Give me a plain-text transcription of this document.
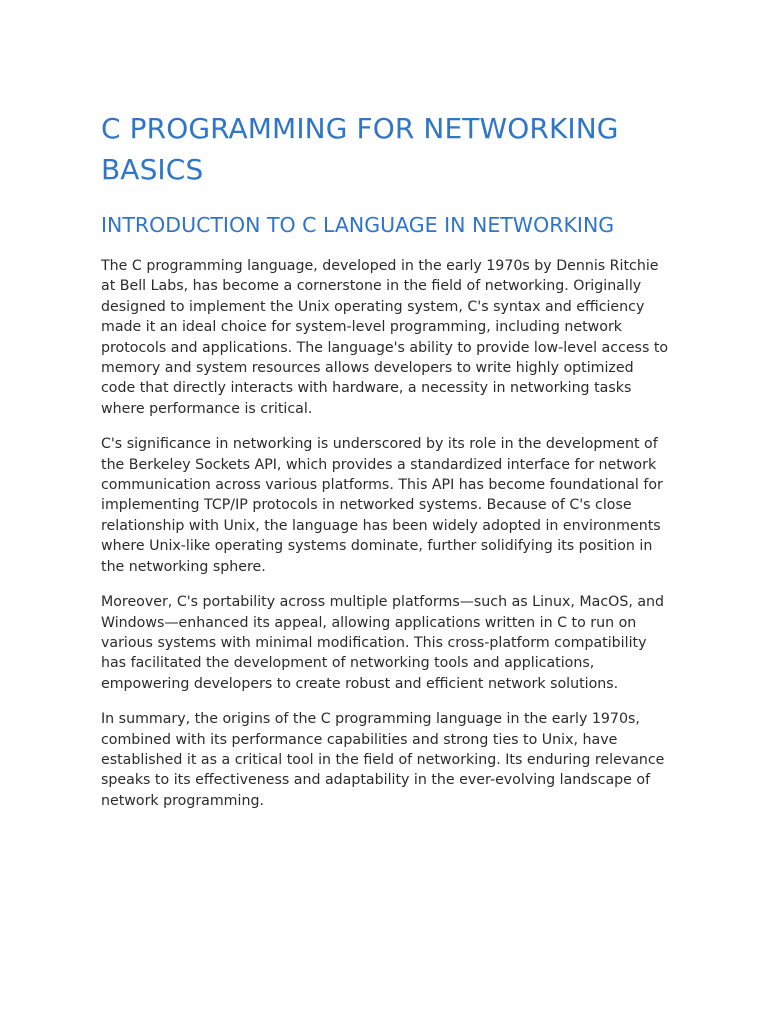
C PROGRAMMING FOR NETWORKING BASICS
INTRODUCTION TO C LANGUAGE IN NETWORKING

The C programming language, developed in the early 1970s by Dennis Ritchie at Bell Labs, has become a cornerstone in the field of networking. Originally designed to implement the Unix operating system, C's syntax and efficiency made it an ideal choice for system-level programming, including network protocols and applications. The language's ability to provide low-level access to memory and system resources allows developers to write highly optimized code that directly interacts with hardware, a necessity in networking tasks where performance is critical.

C's significance in networking is underscored by its role in the development of the Berkeley Sockets API, which provides a standardized interface for network communication across various platforms. This API has become foundational for implementing TCP/IP protocols in networked systems. Because of C's close relationship with Unix, the language has been widely adopted in environments where Unix-like operating systems dominate, further solidifying its position in the networking sphere.

Moreover, C's portability across multiple platforms—such as Linux, MacOS, and Windows—enhanced its appeal, allowing applications written in C to run on various systems with minimal modification. This cross-platform compatibility has facilitated the development of networking tools and applications, empowering developers to create robust and efficient network solutions.

In summary, the origins of the C programming language in the early 1970s, combined with its performance capabilities and strong ties to Unix, have established it as a critical tool in the field of networking. Its enduring relevance speaks to its effectiveness and adaptability in the ever-evolving landscape of network programming.
